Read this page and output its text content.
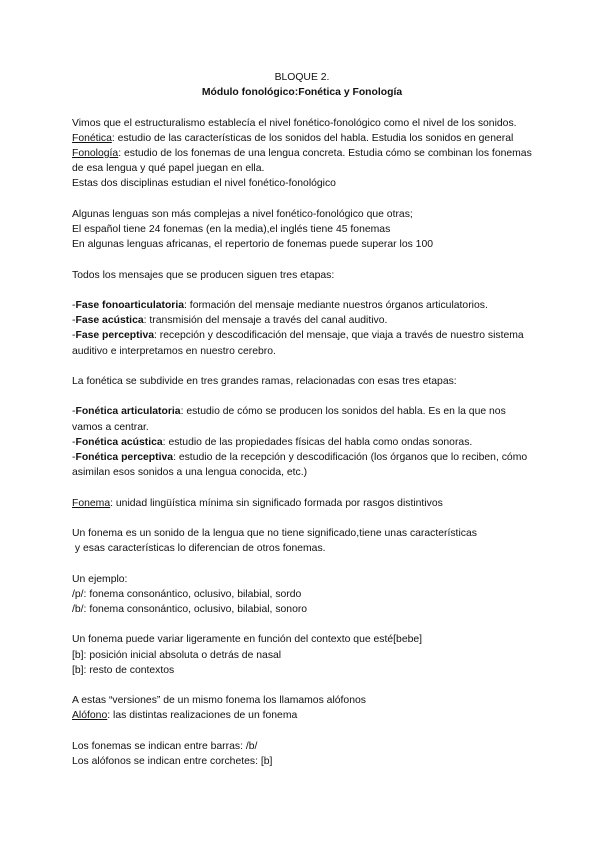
BLOQUE 2.

Módulo fonológico:Fonética y Fonología

Vimos que el estructuralismo establecía el nivel fonético-fonológico como el nivel de los sonidos.

Fonética: estudio de las características de los sonidos del habla. Estudia los sonidos en general

Fonología: estudio de los fonemas de una lengua concreta. Estudia cómo se combinan los fonemas de esa lengua y qué papel juegan en ella.

Estas dos disciplinas estudian el nivel fonético-fonológico

Algunas lenguas son más complejas a nivel fonético-fonológico que otras;

El español tiene 24 fonemas (en la media),el inglés tiene 45 fonemas

En algunas lenguas africanas, el repertorio de fonemas puede superar los 100

Todos los mensajes que se producen siguen tres etapas:

-Fase fonoarticulatoria: formación del mensaje mediante nuestros órganos articulatorios.

-Fase acústica: transmisión del mensaje a través del canal auditivo.

-Fase perceptiva: recepción y descodificación del mensaje, que viaja a través de nuestro sistema auditivo e interpretamos en nuestro cerebro.

La fonética se subdivide en tres grandes ramas, relacionadas con esas tres etapas:

-Fonética articulatoria: estudio de cómo se producen los sonidos del habla. Es en la que nos vamos a centrar.

-Fonética acústica: estudio de las propiedades físicas del habla como ondas sonoras.

-Fonética perceptiva: estudio de la recepción y descodificación (los órganos que lo reciben, cómo asimilan esos sonidos a una lengua conocida, etc.)

Fonema: unidad lingüística mínima sin significado formada por rasgos distintivos

Un fonema es un sonido de la lengua que no tiene significado,tiene unas características

y esas características lo diferencian de otros fonemas.

Un ejemplo:

/p/: fonema consonántico, oclusivo, bilabial, sordo

/b/: fonema consonántico, oclusivo, bilabial, sonoro

Un fonema puede variar ligeramente en función del contexto que esté[bebe]

[b]: posición inicial absoluta o detrás de nasal

[b]: resto de contextos

A estas “versiones” de un mismo fonema los llamamos alófonos

Alófono: las distintas realizaciones de un fonema

Los fonemas se indican entre barras: /b/

Los alófonos se indican entre corchetes: [b]
